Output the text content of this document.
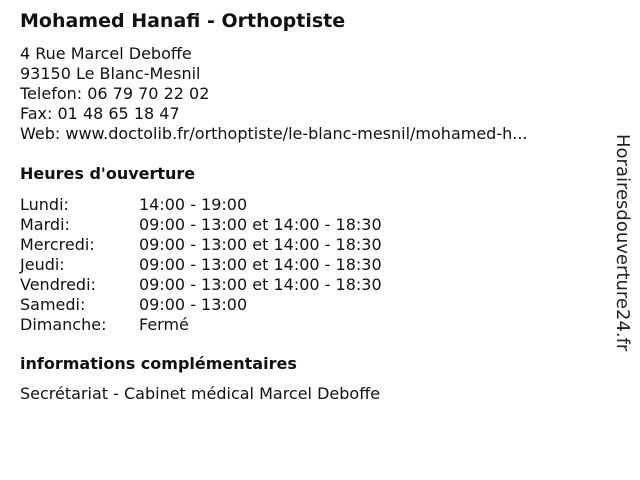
Mohamed Hanafi - Orthoptiste
4 Rue Marcel Deboffe
93150 Le Blanc-Mesnil
Telefon: 06 79 70 22 02
Fax: 01 48 65 18 47
Web: www.doctolib.fr/orthoptiste/le-blanc-mesnil/mohamed-h...
Heures d'ouverture
Lundi:	14:00 - 19:00
Mardi:	09:00 - 13:00 et 14:00 - 18:30
Mercredi:	09:00 - 13:00 et 14:00 - 18:30
Jeudi:	09:00 - 13:00 et 14:00 - 18:30
Vendredi:	09:00 - 13:00 et 14:00 - 18:30
Samedi:	09:00 - 13:00
Dimanche:	Fermé
informations complémentaires
Secrétariat - Cabinet médical Marcel Deboffe
Horairesdouverture24.fr
